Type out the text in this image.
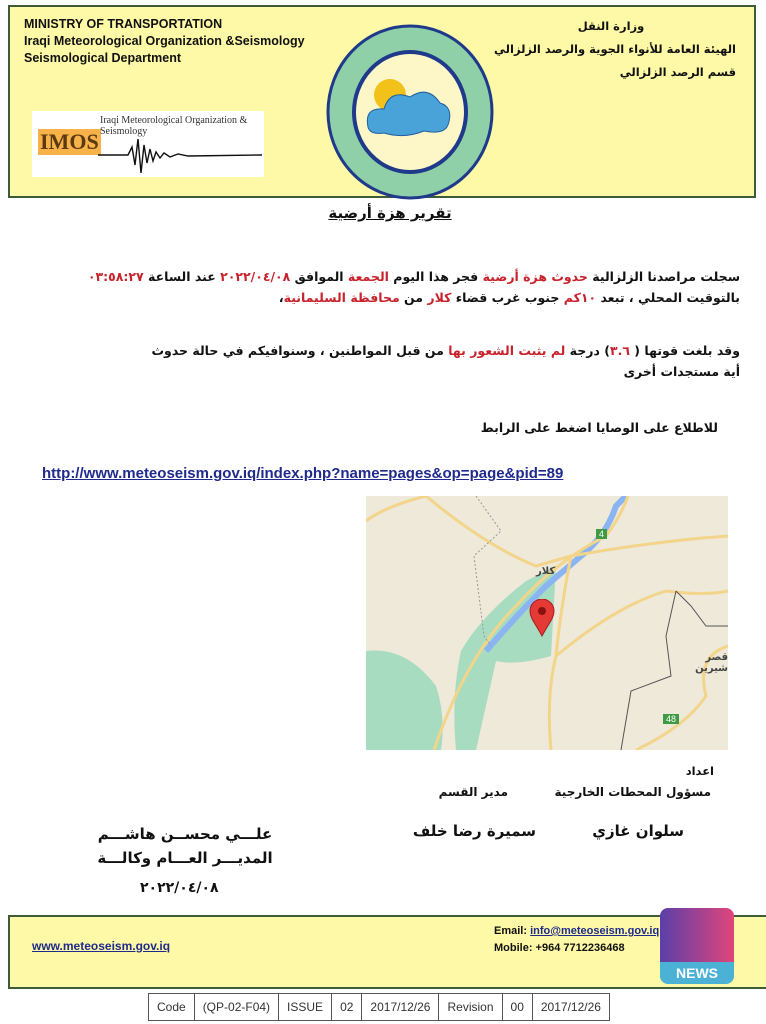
MINISTRY OF TRANSPORTATION
Iraqi Meteorological Organization &Seismology
Seismological Department
وزارة النقل
الهيئة العامة للأنواء الجوية والرصد الزلزالي
قسم الرصد الزلزالي
IMOS
Iraqi Meteorological Organization & Seismology
تقرير هزة أرضية
سجلت مراصدنا الزلزالية حدوث هزة أرضية فجر هذا اليوم الجمعة الموافق ٢٠٢٢/٠٤/٠٨ عند الساعة ٠٣:٥٨:٢٧
بالتوقيت المحلي ، تبعد ١٠كم جنوب غرب قضاء كلار من محافظة السليمانية،
وقد بلغت قوتها ( ٣.٦) درجة لم يثبت الشعور بها من قبل المواطنين ، وسنوافيكم في حالة حدوث
أية مستجدات أخرى
للاطلاع على الوصايا اضغط على الرابط
http://www.meteoseism.gov.iq/index.php?name=pages&op=page&pid=89
كلار
قصر شيرين
4
48
اعداد
مسؤول المحطات الخارجية
مدير القسم
سلوان غازي
سميرة رضا خلف
علـــي محســن هاشـــم
المديـــر العـــام وكالـــة
٢٠٢٢/٠٤/٠٨
www.meteoseism.gov.iq
Email: info@meteoseism.gov.iq
Mobile: +964 7712236468
NEWS
Code	(QP-02-F04)	ISSUE	02	2017/12/26	Revision	00	2017/12/26
